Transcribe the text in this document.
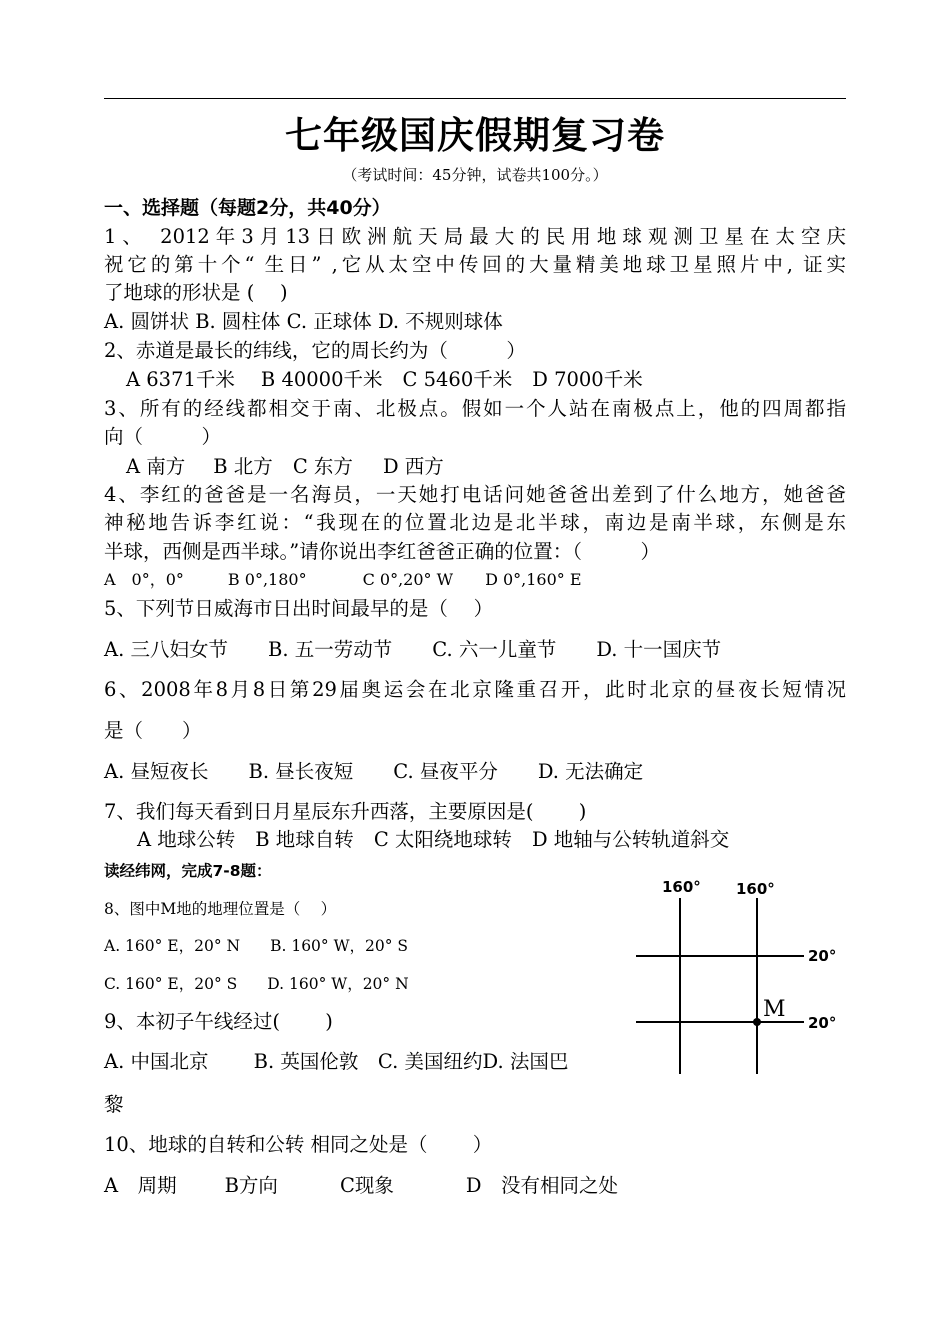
七年级国庆假期复习卷
（考试时间：45分钟，试卷共100分。）
一、选择题（每题2分，共40分）
1、 2012年3月13日欧洲航天局最大的民用地球观测卫星在太空庆
祝它的第十个“ 生日” ,它从太空中传回的大量精美地球卫星照片中, 证实
了地球的形状是 (　 )
A. 圆饼状 B. 圆柱体 C. 正球体 D. 不规则球体
2、赤道是最长的纬线，它的周长约为（　　　）
A 6371千米 B 40000千米 C 5460千米 D 7000千米
3、所有的经线都相交于南、北极点。假如一个人站在南极点上，他的四周都指
向（　　　）
A 南方 B 北方 C 东方 D 西方
4、李红的爸爸是一名海员，一天她打电话问她爸爸出差到了什么地方，她爸爸
神秘地告诉李红说：“我现在的位置北边是北半球，南边是南半球，东侧是东
半球，西侧是西半球。”请你说出李红爸爸正确的位置：（　　　）
A　0°，0°	B 0°,180°	C 0°,20° W D 0°,160° E
5、下列节日威海市日出时间最早的是（　 ）
A. 三八妇女节 B. 五一劳动节 C. 六一儿童节 D. 十一国庆节
6、2008年8月8日第29届奥运会在北京隆重召开，此时北京的昼夜长短情况
是（　　）
A. 昼短夜长 B. 昼长夜短 C. 昼夜平分 D. 无法确定
7、我们每天看到日月星辰东升西落，主要原因是(　　 )
A 地球公转 B 地球自转 C 太阳绕地球转 D 地轴与公转轨道斜交
读经纬网，完成7-8题：
8、图中M地的地理位置是（　 ）
A. 160° E，20° N B. 160° W，20° S
C. 160° E，20° S D. 160° W，20° N
9、本初子午线经过(　　 )
A. 中国北京　　 B. 英国伦敦　C. 美国纽约D. 法国巴
黎
10、地球的自转和公转 相同之处是（　　 ）
A　周期 B方向	C现象	D　没有相同之处
160° 160°
20°
20°
M
